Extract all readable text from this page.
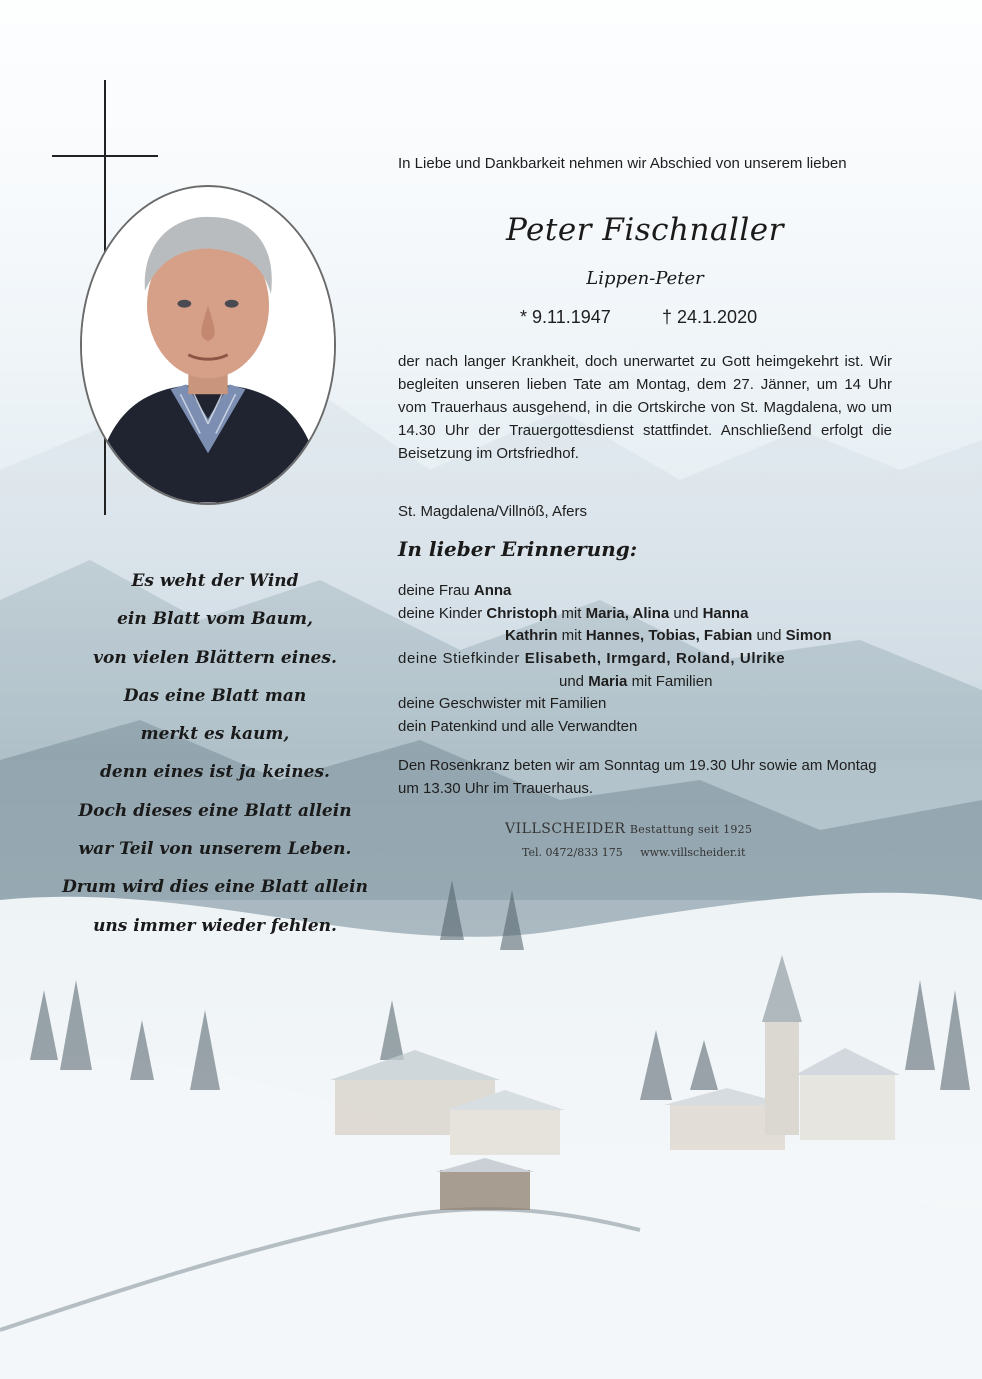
Es weht der Wind
ein Blatt vom Baum,
von vielen Blättern eines.
Das eine Blatt man
merkt es kaum,
denn eines ist ja keines.
Doch dieses eine Blatt allein
war Teil von unserem Leben.
Drum wird dies eine Blatt allein
uns immer wieder fehlen.
In Liebe und Dankbarkeit nehmen wir Abschied von unserem lieben
Peter Fischnaller
Lippen-Peter
* 9.11.1947	† 24.1.2020
der nach langer Krankheit, doch unerwartet zu Gott heimgekehrt ist. Wir begleiten unseren lieben Tate am Montag, dem 27. Jänner, um 14 Uhr vom Trauerhaus ausgehend, in die Ortskirche von St. Magdalena, wo um 14.30 Uhr der Trauergottesdienst stattfindet. Anschließend erfolgt die Beisetzung im Ortsfriedhof.
St. Magdalena/Villnöß, Afers
In lieber Erinnerung:
deine Frau Anna
deine Kinder Christoph mit Maria, Alina und Hanna
Kathrin mit Hannes, Tobias, Fabian und Simon
deine Stiefkinder Elisabeth, Irmgard, Roland, Ulrike
und Maria mit Familien
deine Geschwister mit Familien
dein Patenkind und alle Verwandten
Den Rosenkranz beten wir am Sonntag um 19.30 Uhr sowie am Montag um 13.30 Uhr im Trauerhaus.
VILLSCHEIDER Bestattung seit 1925
Tel. 0472/833 175 www.villscheider.it
